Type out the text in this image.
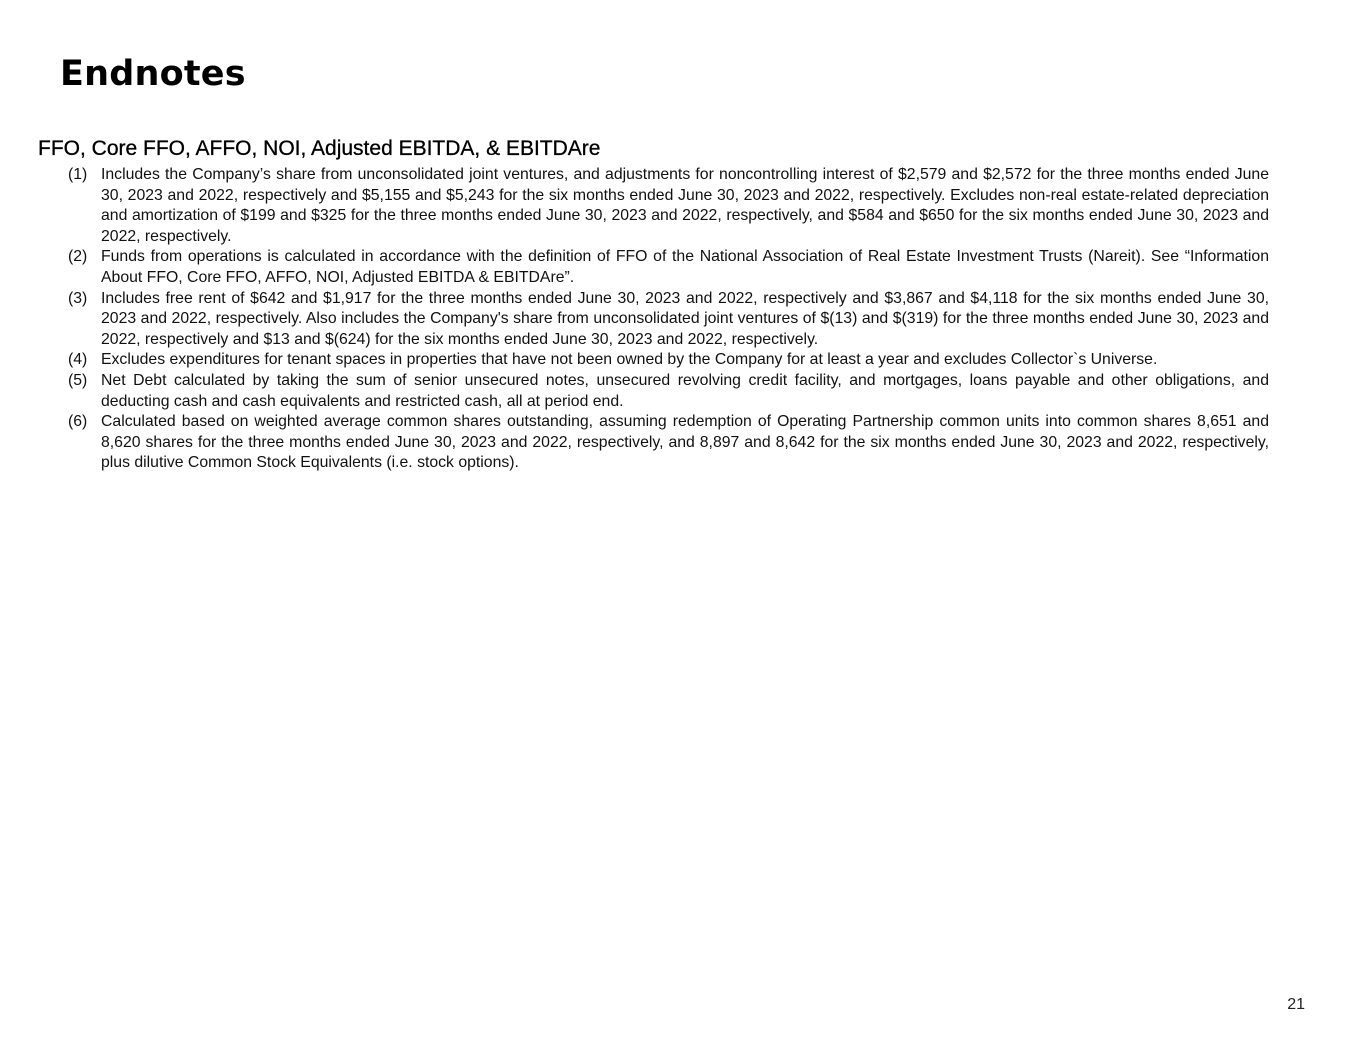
Endnotes
FFO, Core FFO, AFFO, NOI, Adjusted EBITDA, & EBITDAre
(1) Includes the Company’s share from unconsolidated joint ventures, and adjustments for noncontrolling interest of $2,579 and $2,572 for the three months ended June 30, 2023 and 2022, respectively and $5,155 and $5,243 for the six months ended June 30, 2023 and 2022, respectively. Excludes non-real estate-related depreciation and amortization of $199 and $325 for the three months ended June 30, 2023 and 2022, respectively, and $584 and $650 for the six months ended June 30, 2023 and 2022, respectively.
(2) Funds from operations is calculated in accordance with the definition of FFO of the National Association of Real Estate Investment Trusts (Nareit). See “Information About FFO, Core FFO, AFFO, NOI, Adjusted EBITDA & EBITDAre”.
(3) Includes free rent of $642 and $1,917 for the three months ended June 30, 2023 and 2022, respectively and $3,867 and $4,118 for the six months ended June 30, 2023 and 2022, respectively. Also includes the Company's share from unconsolidated joint ventures of $(13) and $(319) for the three months ended June 30, 2023 and 2022, respectively and $13 and $(624) for the six months ended June 30, 2023 and 2022, respectively.
(4) Excludes expenditures for tenant spaces in properties that have not been owned by the Company for at least a year and excludes Collector`s Universe.
(5) Net Debt calculated by taking the sum of senior unsecured notes, unsecured revolving credit facility, and mortgages, loans payable and other obligations, and deducting cash and cash equivalents and restricted cash, all at period end.
(6) Calculated based on weighted average common shares outstanding, assuming redemption of Operating Partnership common units into common shares 8,651 and 8,620 shares for the three months ended June 30, 2023 and 2022, respectively, and 8,897 and 8,642 for the six months ended June 30, 2023 and 2022, respectively, plus dilutive Common Stock Equivalents (i.e. stock options).
21
